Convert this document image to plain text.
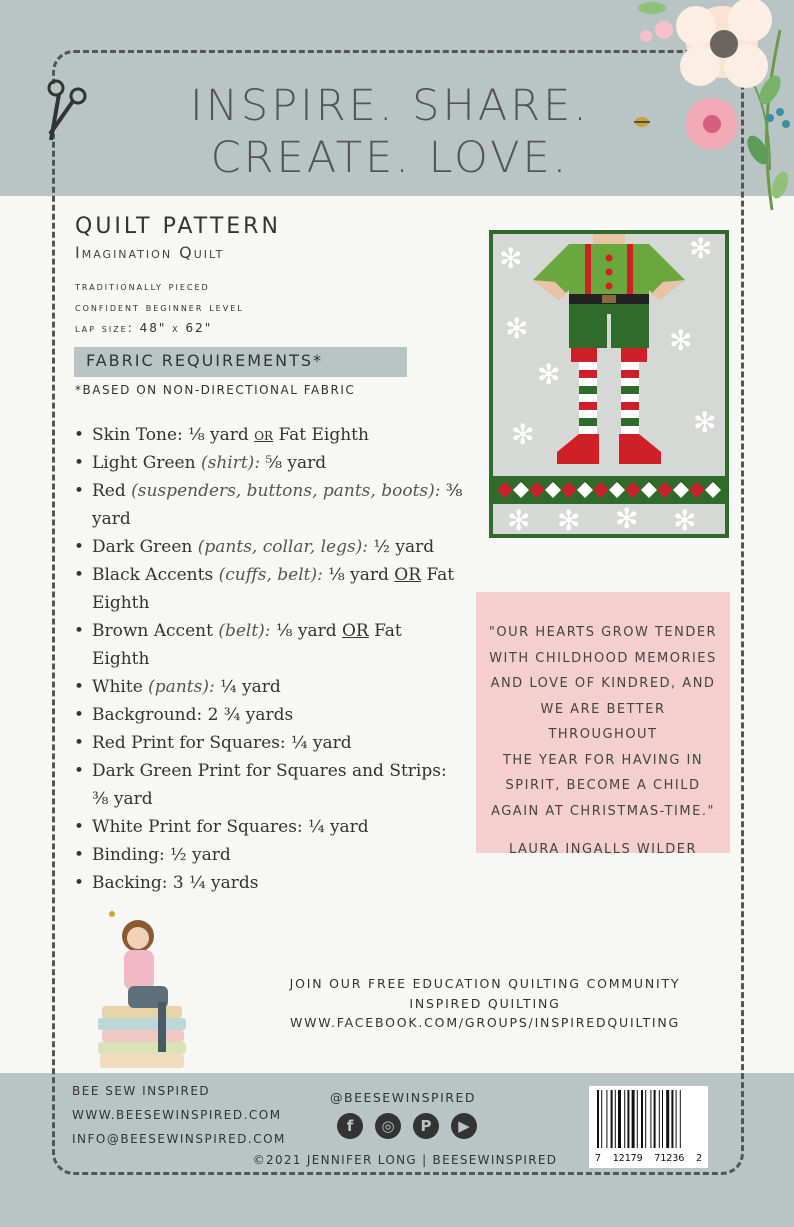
INSPIRE. SHARE.
CREATE. LOVE.
QUILT PATTERN
Imagination Quilt
traditionally pieced
confident beginner level
lap size: 48" x 62"
FABRIC REQUIREMENTS*
*BASED ON NON-DIRECTIONAL FABRIC
• Skin Tone: ⅛ yard or Fat Eighth
• Light Green (shirt): ⅝ yard
• Red (suspenders, buttons, pants, boots): ⅜ yard
• Dark Green (pants, collar, legs): ½ yard
• Black Accents (cuffs, belt): ⅛ yard OR Fat Eighth
• Brown Accent (belt): ⅛ yard OR Fat Eighth
• White (pants): ¼ yard
• Background: 2 ¾ yards
• Red Print for Squares: ¼ yard
• Dark Green Print for Squares and Strips: ⅜ yard
• White Print for Squares: ¼ yard
• Binding: ½ yard
• Backing: 3 ¼ yards
✻	✻
✻	✻
✻
✻	✻
✻ ✻ ✻ ✻
"OUR HEARTS GROW TENDER
WITH CHILDHOOD MEMORIES
AND LOVE OF KINDRED, AND
WE ARE BETTER THROUGHOUT
THE YEAR FOR HAVING IN
SPIRIT, BECOME A CHILD
AGAIN AT CHRISTMAS-TIME."
LAURA INGALLS WILDER
JOIN OUR FREE EDUCATION QUILTING COMMUNITY
INSPIRED QUILTING
WWW.FACEBOOK.COM/GROUPS/INSPIREDQUILTING
BEE SEW INSPIRED
WWW.BEESEWINSPIRED.COM
INFO@BEESEWINSPIRED.COM
@BEESEWINSPIRED
f	◎	P	▶
©2021 JENNIFER LONG | BEESEWINSPIRED	7 12179 71236 2
